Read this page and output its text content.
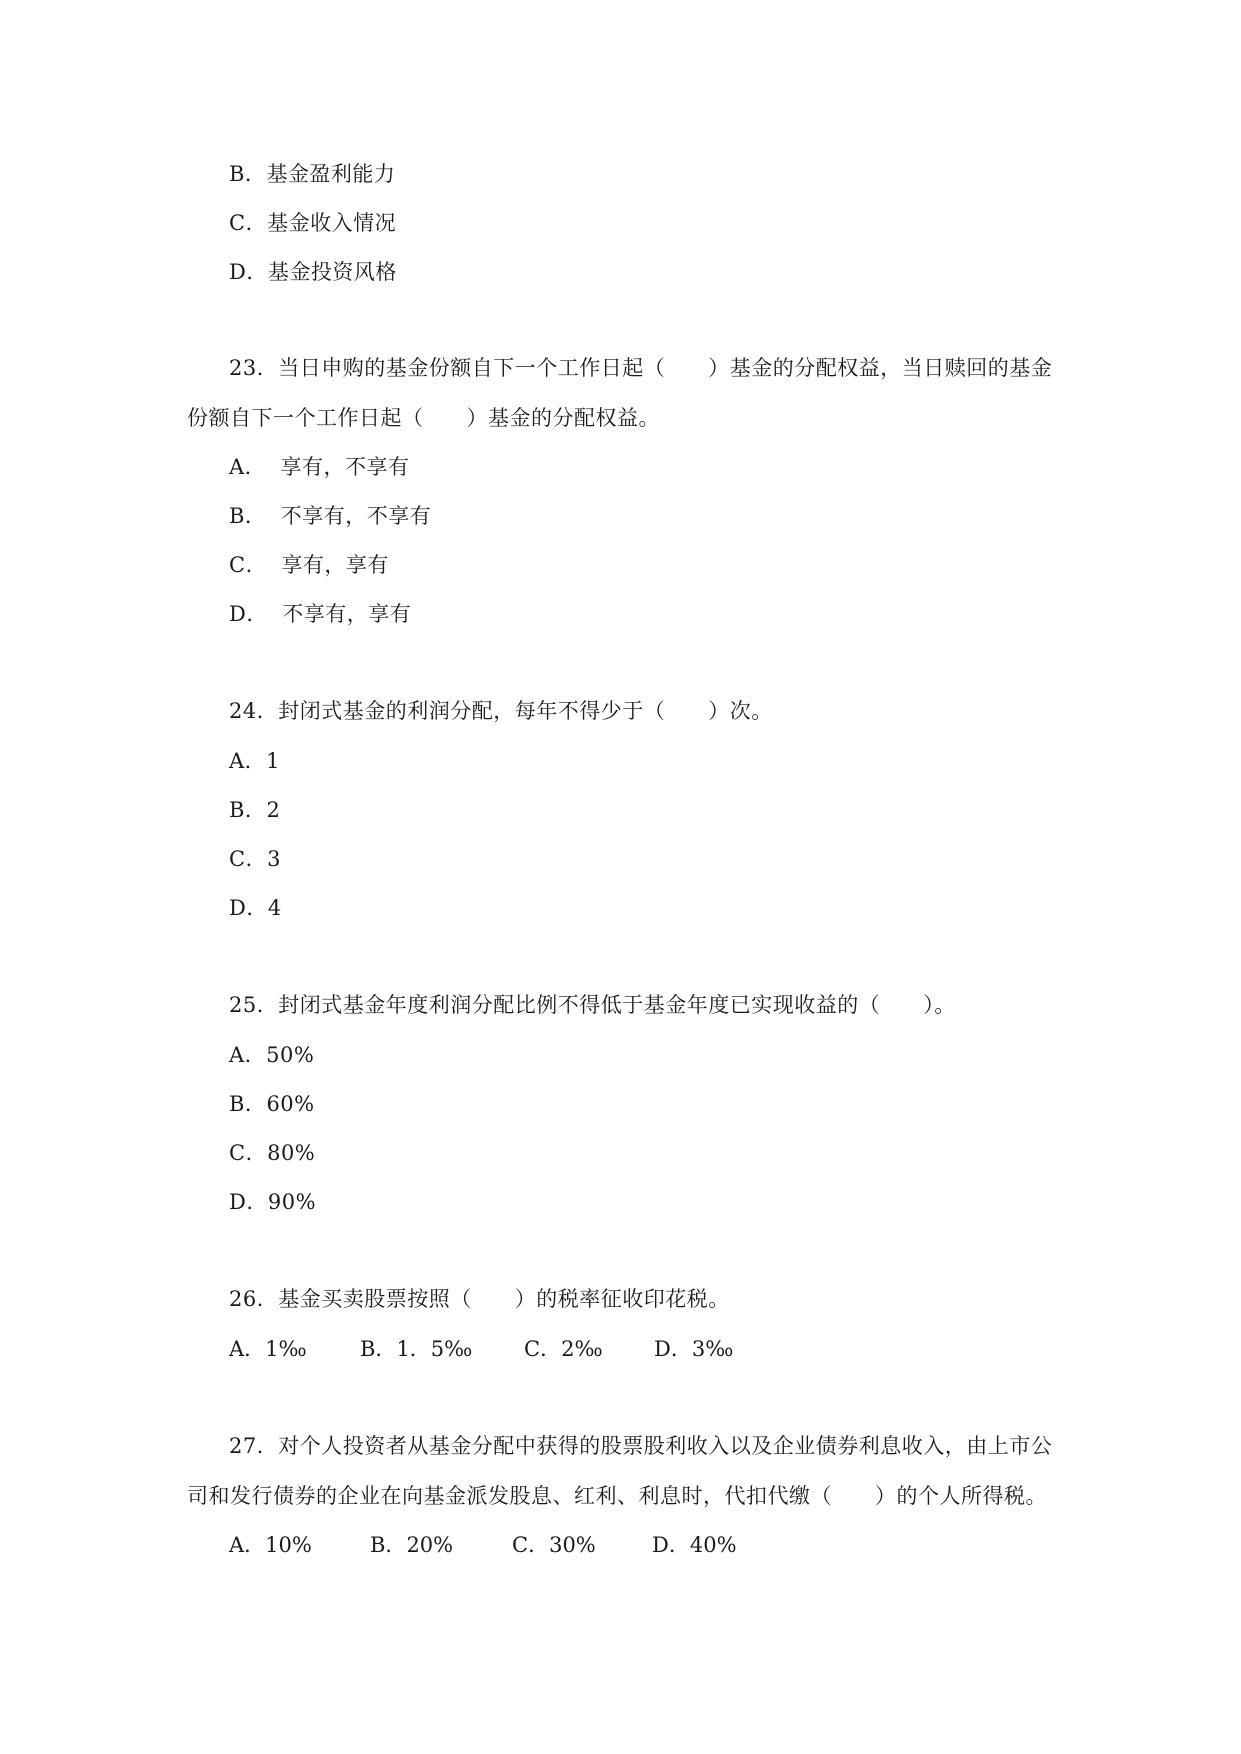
B．基金盈利能力
C．基金收入情况
D．基金投资风格
23．当日申购的基金份额自下一个工作日起（　　）基金的分配权益，当日赎回的基金
份额自下一个工作日起（　　）基金的分配权益。
A． 享有，不享有
B． 不享有，不享有
C． 享有，享有
D． 不享有，享有
24．封闭式基金的利润分配，每年不得少于（　　）次。
A．1
B．2
C．3
D．4
25．封闭式基金年度利润分配比例不得低于基金年度已实现收益的（　　）。
A．50%
B．60%
C．80%
D．90%
26．基金买卖股票按照（　　）的税率征收印花税。
A．1‰	B．1．5‰ C．2‰ D．3‰
27．对个人投资者从基金分配中获得的股票股利收入以及企业债券利息收入，由上市公
司和发行债券的企业在向基金派发股息、红利、利息时，代扣代缴（　　）的个人所得税。
A．10%	B．20%	C．30%	D．40%
